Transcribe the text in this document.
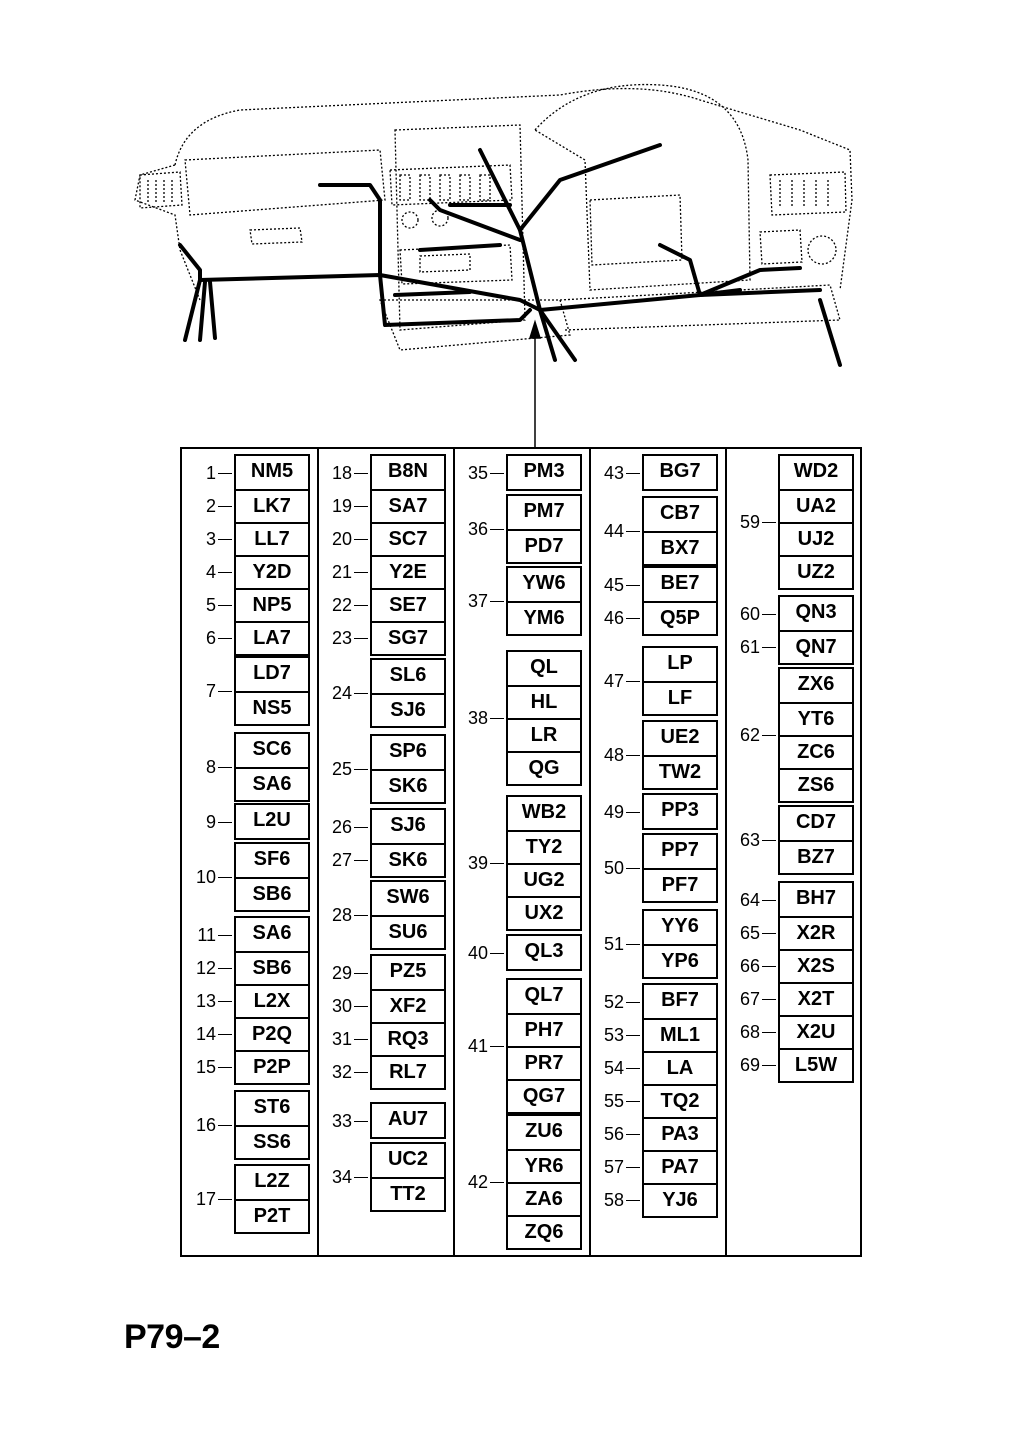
NM5
LK7
LL7
Y2D
NP5
LA7
1
2
3
4
5
6
LD7
NS5
7
SC6
SA6
8
L2U
9
SF6
SB6
10
SA6
SB6
L2X
P2Q
P2P
11
12
13
14
15
ST6
SS6
16
L2Z
P2T
17
B8N
SA7
SC7
Y2E
SE7
SG7
18
19
20
21
22
23
SL6
SJ6
24
SP6
SK6
25
SJ6
SK6
26
27
SW6
SU6
28
PZ5
XF2
RQ3
RL7
29
30
31
32
AU7
33
UC2
TT2
34
PM3
35
PM7
PD7
36
YW6
YM6
37
QL
HL
LR
QG
38
WB2
TY2
UG2
UX2
39
QL3
40
QL7
PH7
PR7
QG7
41
ZU6
YR6
ZA6
ZQ6
42
BG7
43
CB7
BX7
44
BE7
Q5P
45
46
LP
LF
47
UE2
TW2
48
PP3
49
PP7
PF7
50
YY6
YP6
51
BF7
ML1
LA
TQ2
PA3
PA7
YJ6
52
53
54
55
56
57
58
WD2
UA2
UJ2
UZ2
59
QN3
QN7
60
61
ZX6
YT6
ZC6
ZS6
62
CD7
BZ7
63
BH7
X2R
X2S
X2T
X2U
L5W
64
65
66
67
68
69
P79–2
